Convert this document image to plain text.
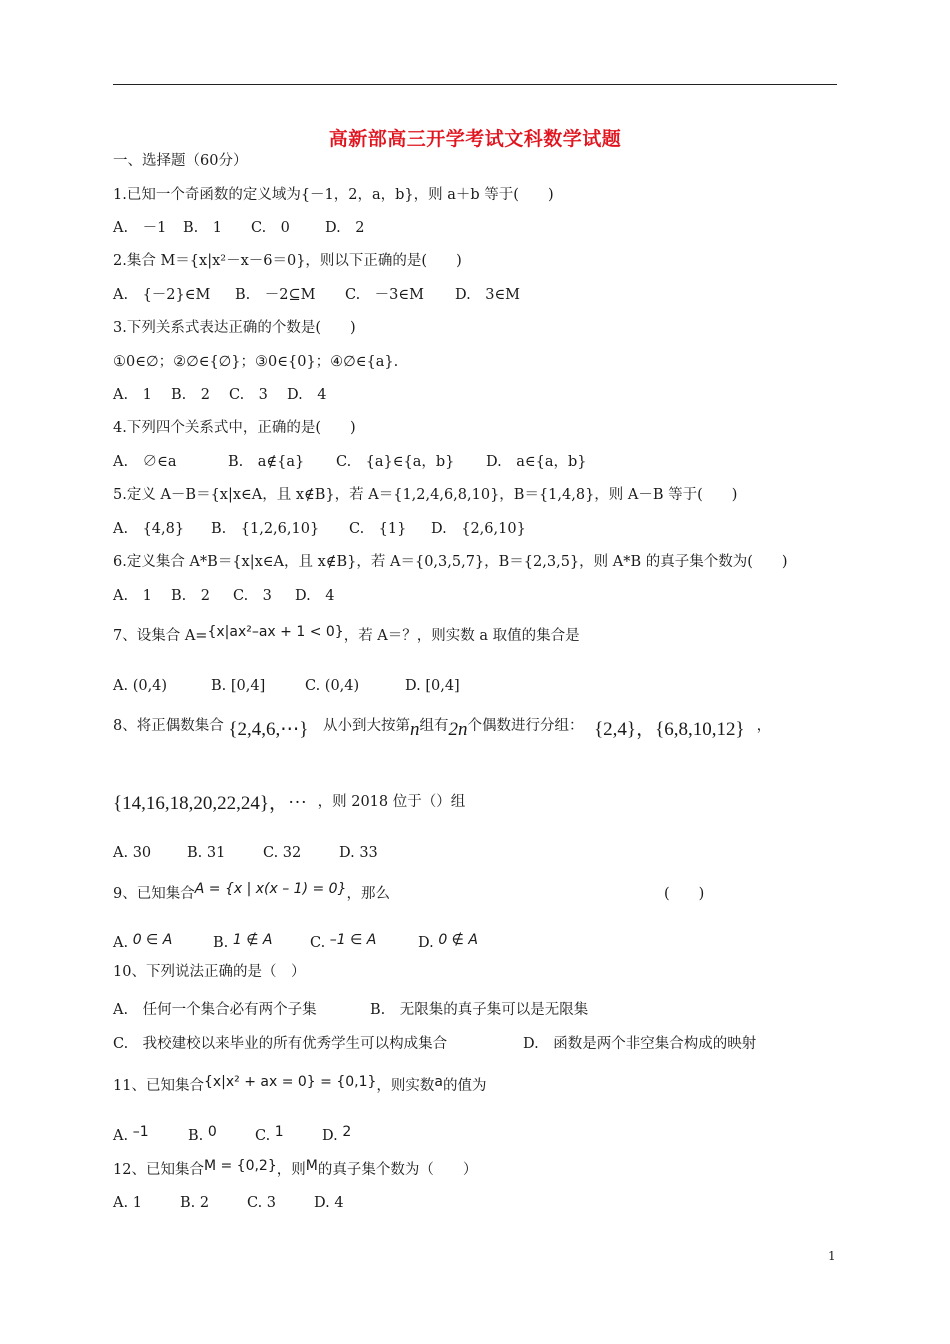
高新部高三开学考试文科数学试题
一、选择题（60分）
1.已知一个奇函数的定义域为{－1，2，a，b}，则 a＋b 等于(　　)
A.　－1 B.　1 C.　0 D.　2
2.集合 M＝{x|x²－x－6＝0}，则以下正确的是(　　)
A.　{－2}∈M B.　－2⊆M C.　－3∈M D.　3∈M
3.下列关系式表达正确的个数是(　　)
①0∈∅；②∅∈{∅}；③0∈{0}；④∅∈{a}.
A.　1 B.　2 C.　3 D.　4
4.下列四个关系式中，正确的是(　　)
A.　∅∈a	B.　a∉{a} C.　{a}∈{a，b} D.　a∈{a，b}
5.定义 A－B＝{x|x∈A，且 x∉B}，若 A＝{1,2,4,6,8,10}，B＝{1,4,8}，则 A－B 等于(　　)
A.　{4,8} B.　{1,2,6,10} C.　{1} D.　{2,6,10}
6.定义集合 A*B＝{x|x∈A，且 x∉B}，若 A＝{0,3,5,7}，B＝{2,3,5}，则 A*B 的真子集个数为(　　)
A.　1 B.　2 C.　3 D.　4
7、设集合 A={x|ax²–ax + 1 < 0}，若 A＝？，则实数 a 取值的集合是
A. (0,4)	B. [0,4]	C. (0,4)	D. [0,4]
8、将正偶数集合 {2,4,6,⋯} 从小到大按第n组有2n个偶数进行分组： {2,4}，{6,8,10,12} ，
{14,16,18,20,22,24}，⋯ ，则 2018 位于（）组
A. 30 B. 31	C. 32	D. 33
9、已知集合A = {x | x(x – 1) = 0}，那么	(　　)
A. 0 ∈ A	B. 1 ∉ A	C. –1 ∈ A	D. 0 ∉ A
10、下列说法正确的是（　）
A.　任何一个集合必有两个子集	B.　无限集的真子集可以是无限集
C.　我校建校以来毕业的所有优秀学生可以构成集合	D.　函数是两个非空集合构成的映射
11、已知集合{x|x² + ax = 0} = {0,1}，则实数a的值为
A. –1	B. 0	C. 1	D. 2
12、已知集合M = {0,2}，则M的真子集个数为（　　）
A. 1	B. 2	C. 3	D. 4
1
